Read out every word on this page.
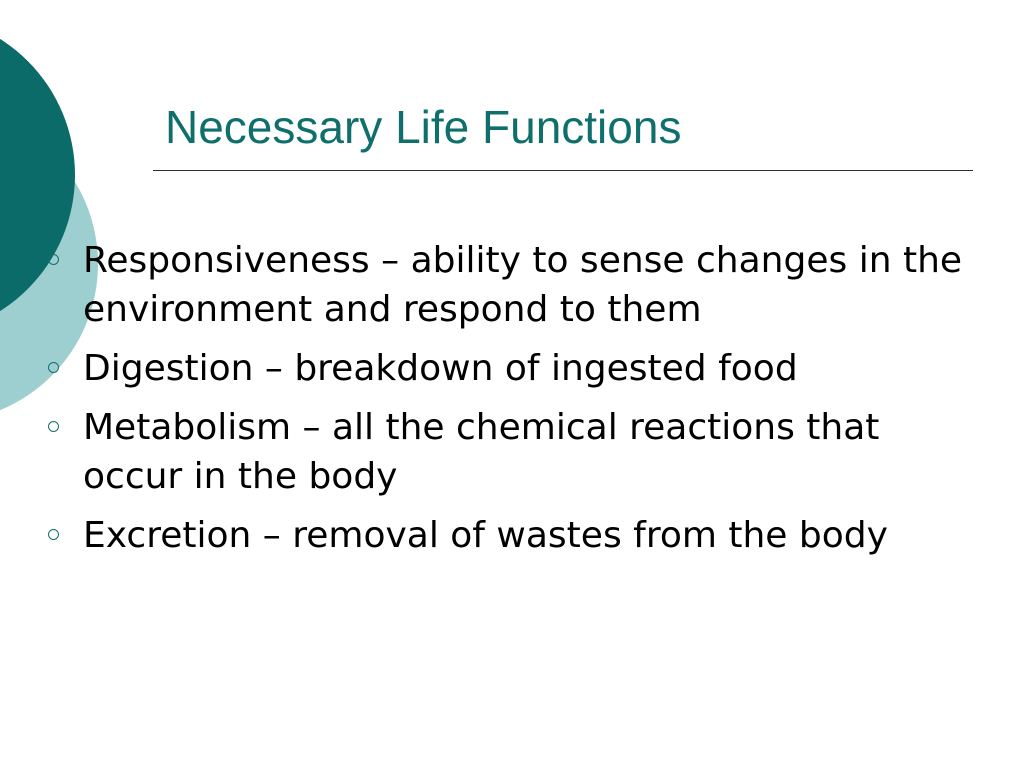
Necessary Life Functions
Responsiveness – ability to sense changes in the environment and respond to them
Digestion – breakdown of ingested food
Metabolism – all the chemical reactions that occur in the body
Excretion – removal of wastes from the body
